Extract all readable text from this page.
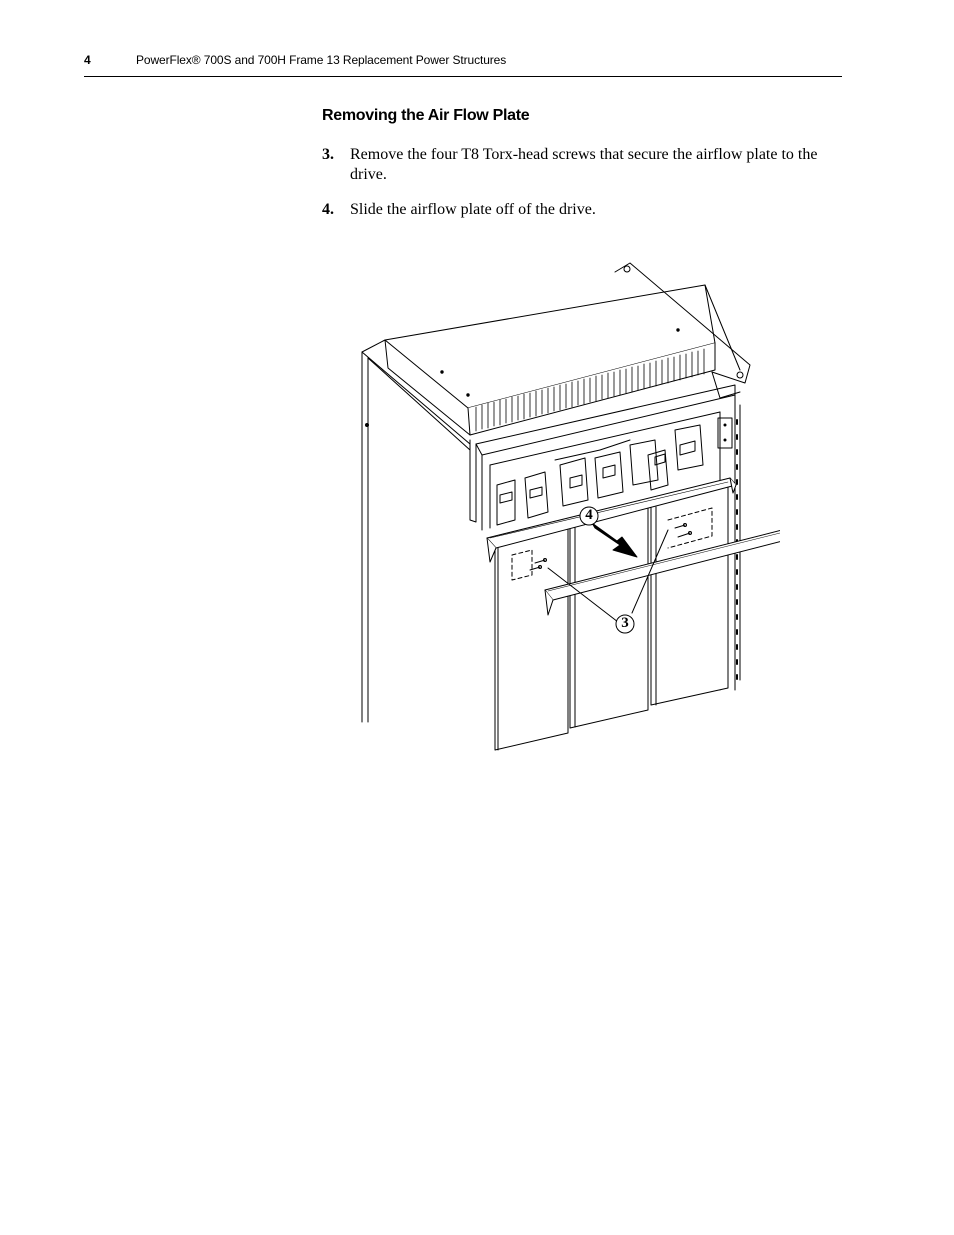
4	PowerFlex® 700S and 700H Frame 13 Replacement Power Structures
Removing the Air Flow Plate
3. Remove the four T8 Torx-head screws that secure the airflow plate to the drive.
4. Slide the airflow plate off of the drive.
4
3
